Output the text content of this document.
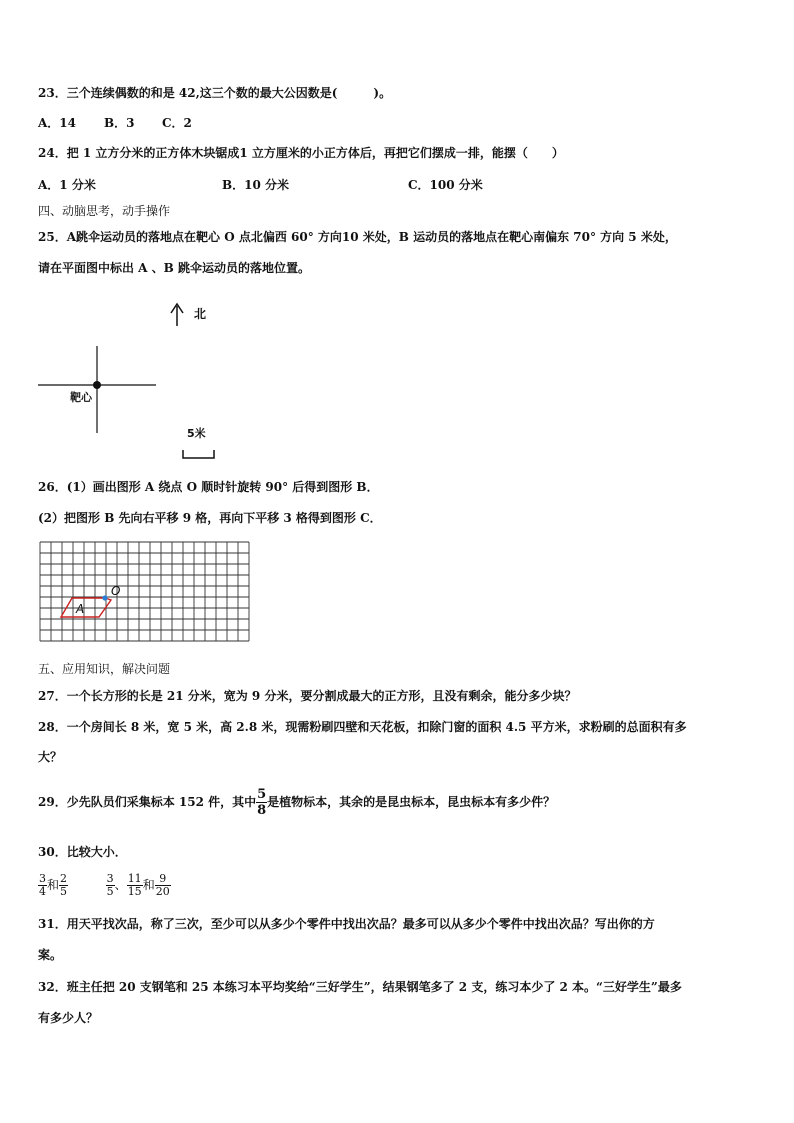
23．三个连续偶数的和是 42,这三个数的最大公因数是(　　　)。
A．14 B．3 C．2
24．把 1 立方分米的正方体木块锯成1 立方厘米的小正方体后，再把它们摆成一排，能摆（　　）
A．1 分米	B．10 分米	C．100 分米
四、动脑思考，动手操作
25．A跳伞运动员的落地点在靶心 O 点北偏西 60° 方向10 米处，B 运动员的落地点在靶心南偏东 70° 方向 5 米处，
请在平面图中标出 A 、B 跳伞运动员的落地位置。
北
靶心
5米
26．(1）画出图形 A 绕点 O 顺时针旋转 90° 后得到图形 B．
(2）把图形 B 先向右平移 9 格，再向下平移 3 格得到图形 C．
A
O
五、应用知识，解决问题
27．一个长方形的长是 21 分米，宽为 9 分米，要分割成最大的正方形，且没有剩余，能分多少块？
28．一个房间长 8 米，宽 5 米，高 2.8 米，现需粉刷四壁和天花板，扣除门窗的面积 4.5 平方米，求粉刷的总面积有多
大？
29．少先队员们采集标本 152 件，其中 $\frac{5}{8}$ 是植物标本，其余的是昆虫标本，昆虫标本有多少件？
30．比较大小．
$\frac{3}{4}$ 和 $\frac{2}{5}$
	$\frac{3}{5}$ 、 $\frac{11}{15}$ 和 $\frac{9}{20}$
31．用天平找次品，称了三次，至少可以从多少个零件中找出次品？最多可以从多少个零件中找出次品？写出你的方
案。
32．班主任把 20 支钢笔和 25 本练习本平均奖给“三好学生”，结果钢笔多了 2 支，练习本少了 2 本。“三好学生”最多
有多少人？
